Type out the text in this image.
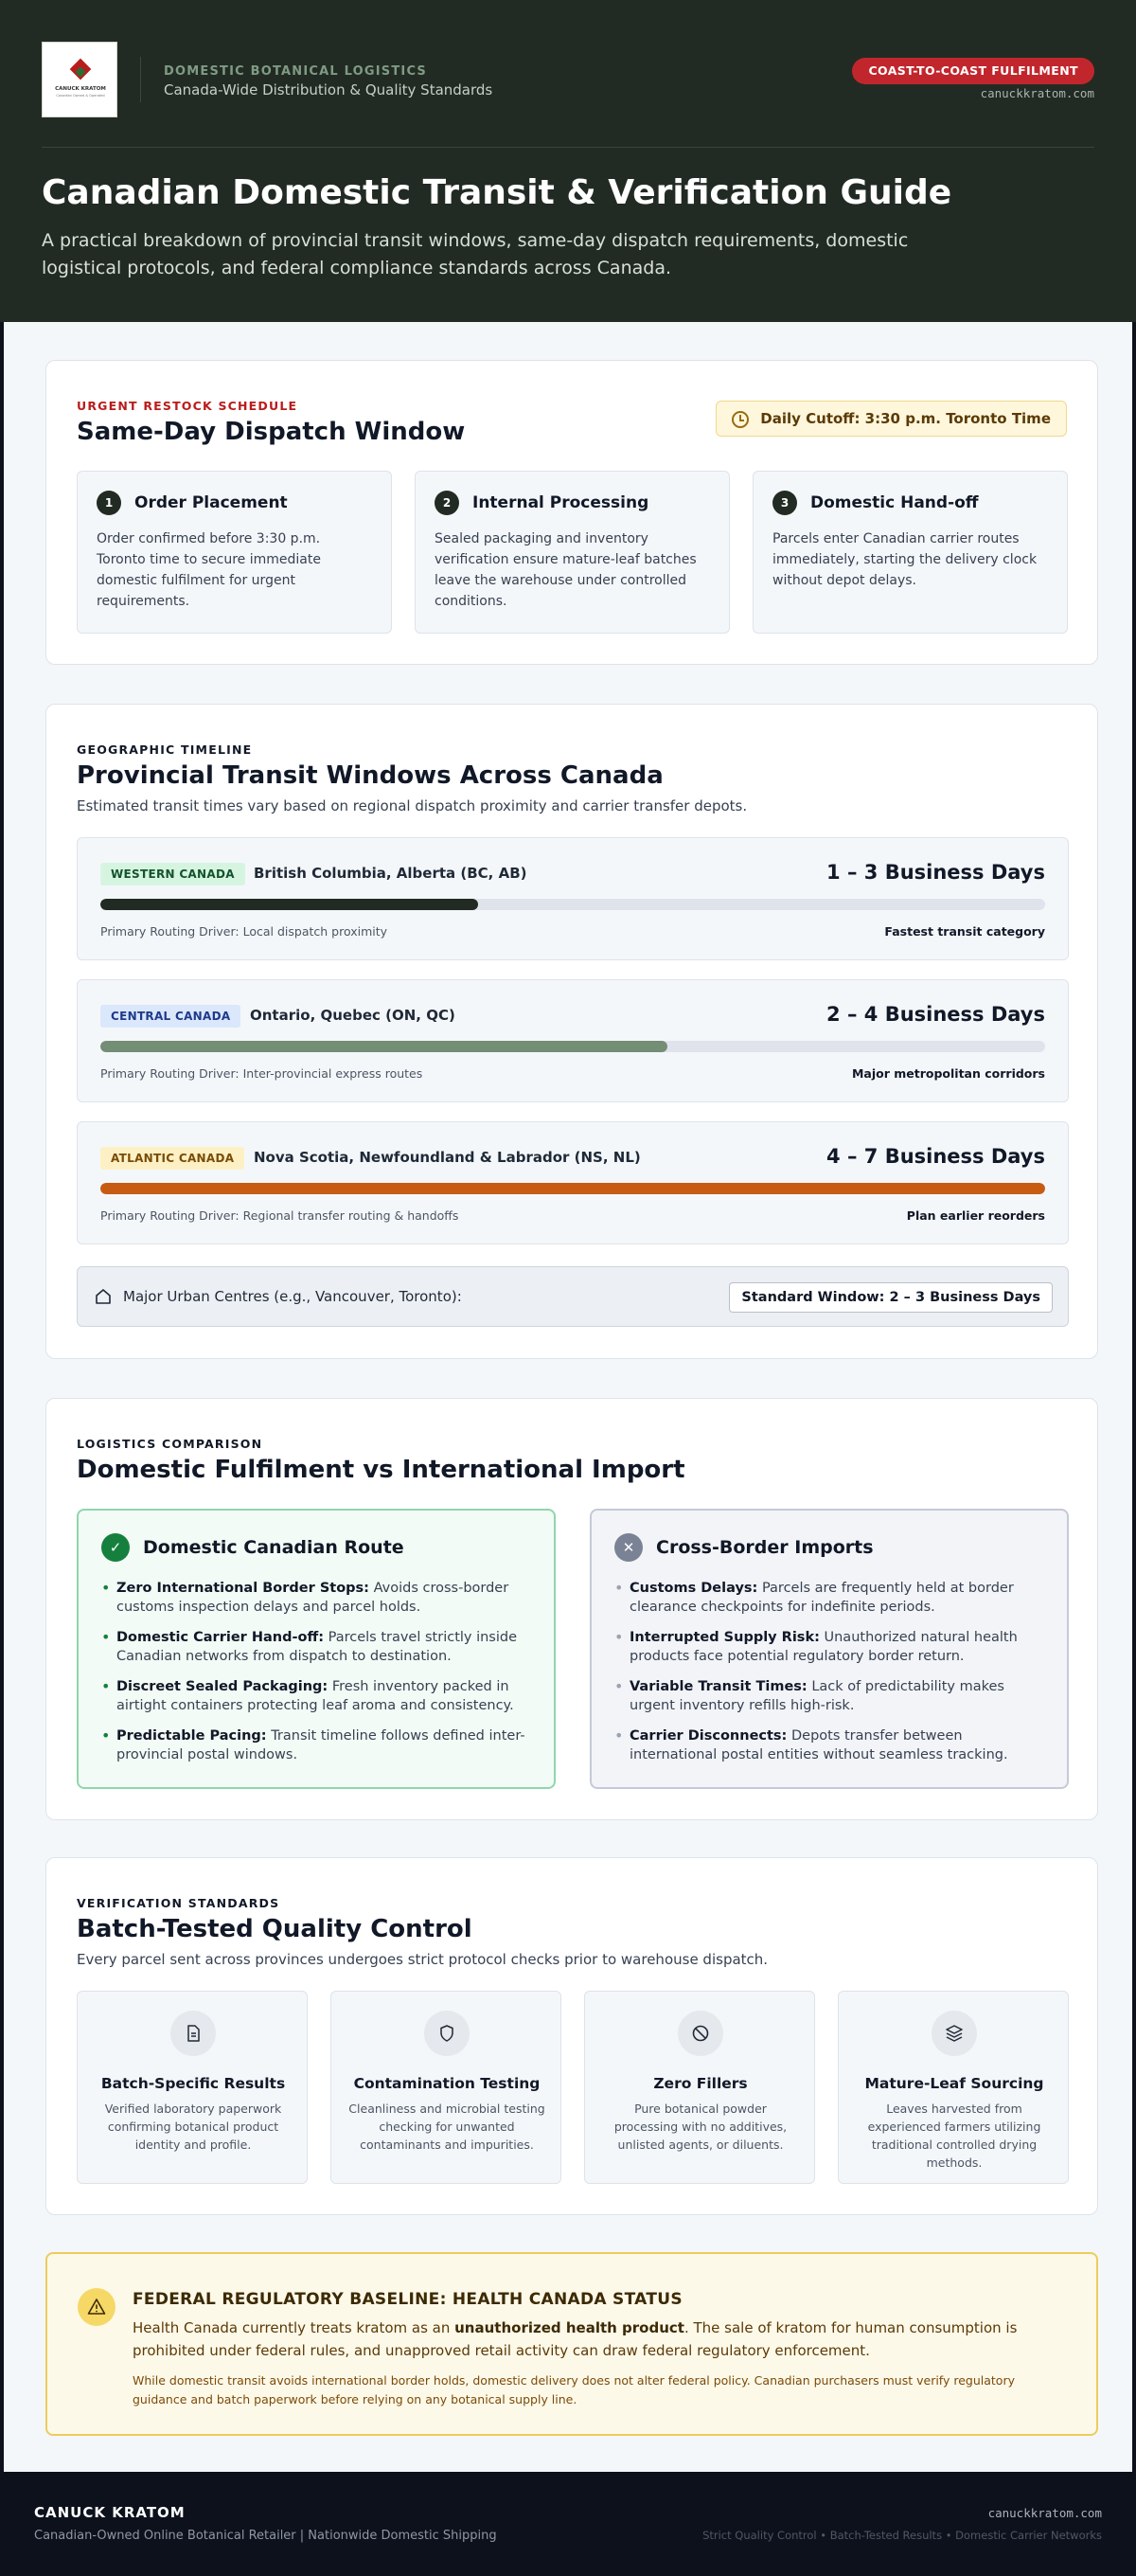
CANUCK KRATOM
Canadian Owned & Operated
DOMESTIC BOTANICAL LOGISTICS
Canada-Wide Distribution & Quality Standards
COAST-TO-COAST FULFILMENT
canuckkratom.com
Canadian Domestic Transit & Verification Guide

A practical breakdown of provincial transit windows, same-day dispatch requirements, domestic logistical protocols, and federal compliance standards across Canada.

URGENT RESTOCK SCHEDULE
Same-Day Dispatch Window	Daily Cutoff: 3:30 p.m. Toronto Time
1	Order Placement
Order confirmed before 3:30 p.m. Toronto time to secure immediate domestic fulfilment for urgent requirements.
2	Internal Processing
Sealed packaging and inventory verification ensure mature-leaf batches leave the warehouse under controlled conditions.
3	Domestic Hand-off
Parcels enter Canadian carrier routes immediately, starting the delivery clock without depot delays.
GEOGRAPHIC TIMELINE
Provincial Transit Windows Across Canada
Estimated transit times vary based on regional dispatch proximity and carrier transfer depots.
WESTERN CANADA	British Columbia, Alberta (BC, AB)	1 – 3 Business Days
Primary Routing Driver: Local dispatch proximity	Fastest transit category
CENTRAL CANADA	Ontario, Quebec (ON, QC)	2 – 4 Business Days
Primary Routing Driver: Inter-provincial express routes	Major metropolitan corridors
ATLANTIC CANADA	Nova Scotia, Newfoundland & Labrador (NS, NL)	4 – 7 Business Days
Primary Routing Driver: Regional transfer routing & handoffs	Plan earlier reorders
Major Urban Centres (e.g., Vancouver, Toronto):	Standard Window: 2 – 3 Business Days
LOGISTICS COMPARISON
Domestic Fulfilment vs International Import
✓	Domestic Canadian Route
• Zero International Border Stops: Avoids cross-border customs inspection delays and parcel holds.
• Domestic Carrier Hand-off: Parcels travel strictly inside Canadian networks from dispatch to destination.
• Discreet Sealed Packaging: Fresh inventory packed in airtight containers protecting leaf aroma and consistency.
• Predictable Pacing: Transit timeline follows defined inter-provincial postal windows.
✕	Cross-Border Imports
• Customs Delays: Parcels are frequently held at border clearance checkpoints for indefinite periods.
• Interrupted Supply Risk: Unauthorized natural health products face potential regulatory border return.
• Variable Transit Times: Lack of predictability makes urgent inventory refills high-risk.
• Carrier Disconnects: Depots transfer between international postal entities without seamless tracking.
VERIFICATION STANDARDS
Batch-Tested Quality Control
Every parcel sent across provinces undergoes strict protocol checks prior to warehouse dispatch.
Batch-Specific Results
Verified laboratory paperwork confirming botanical product identity and profile.
Contamination Testing
Cleanliness and microbial testing checking for unwanted contaminants and impurities.
Zero Fillers
Pure botanical powder processing with no additives, unlisted agents, or diluents.
Mature-Leaf Sourcing
Leaves harvested from experienced farmers utilizing traditional controlled drying methods.
FEDERAL REGULATORY BASELINE: HEALTH CANADA STATUS
Health Canada currently treats kratom as an unauthorized health product. The sale of kratom for human consumption is prohibited under federal rules, and unapproved retail activity can draw federal regulatory enforcement.
While domestic transit avoids international border holds, domestic delivery does not alter federal policy. Canadian purchasers must verify regulatory guidance and batch paperwork before relying on any botanical supply line.
CANUCK KRATOM
Canadian-Owned Online Botanical Retailer | Nationwide Domestic Shipping
canuckkratom.com
Strict Quality Control • Batch-Tested Results • Domestic Carrier Networks
